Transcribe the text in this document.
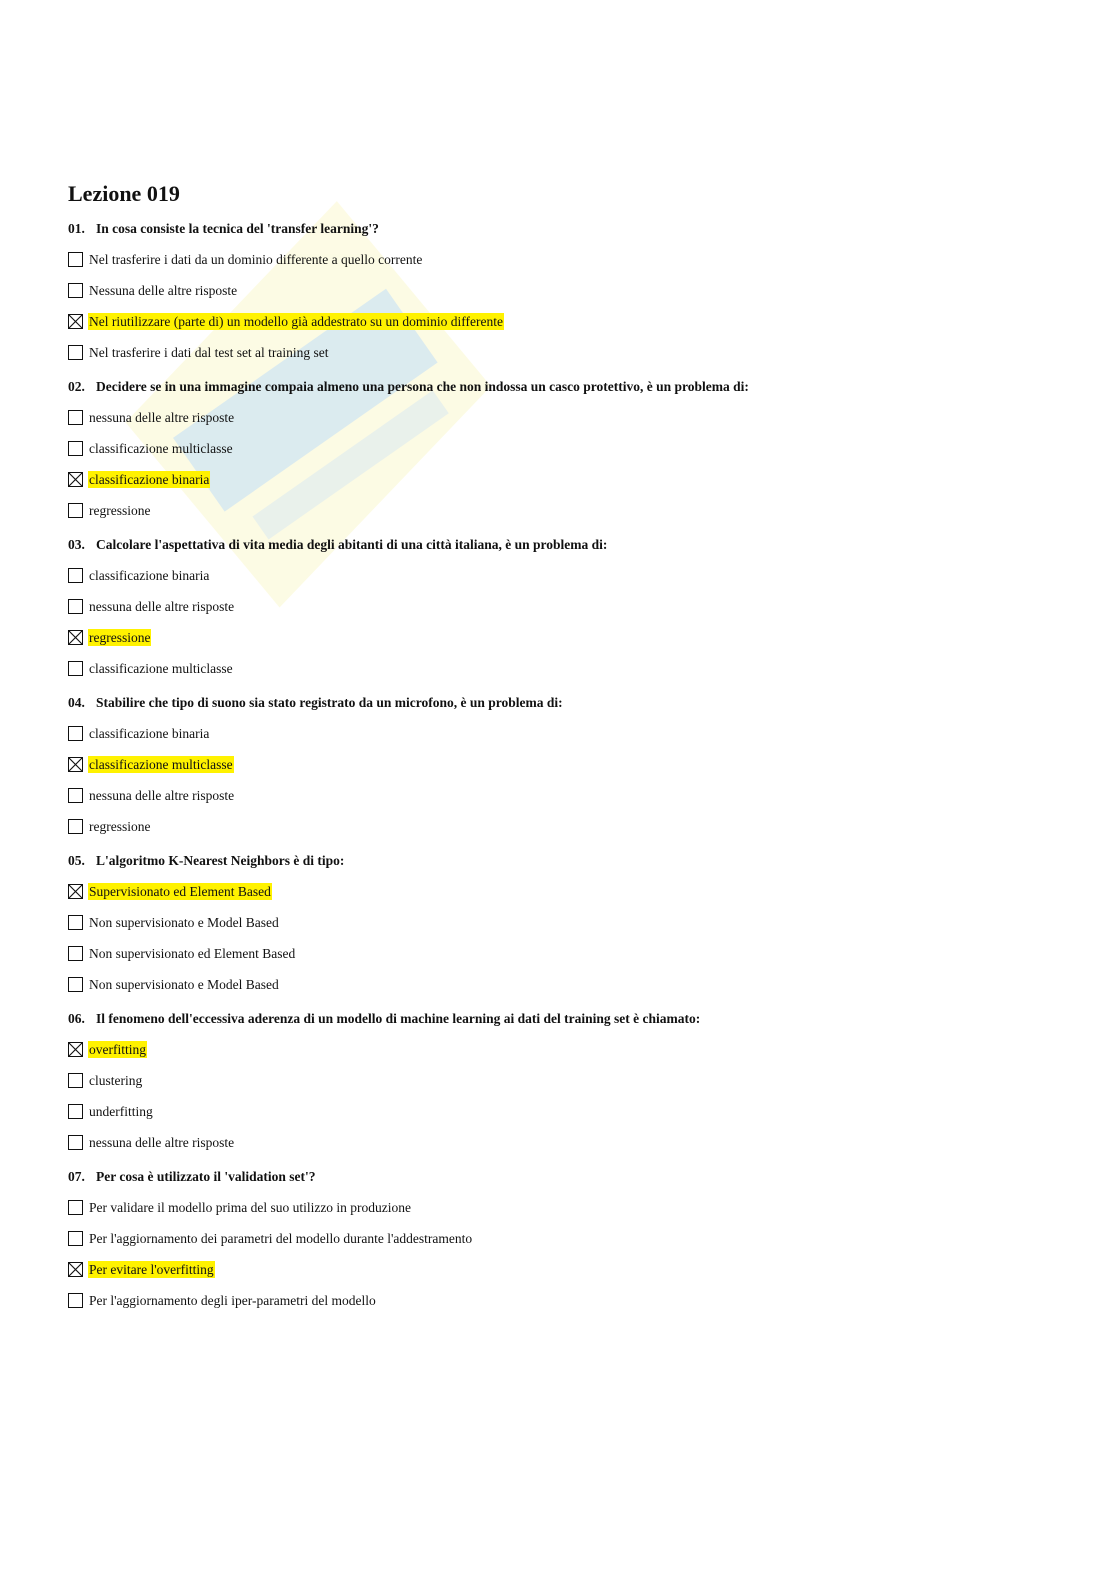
Lezione 019
01. In cosa consiste la tecnica del 'transfer learning'?
Nel trasferire i dati da un dominio differente a quello corrente
Nessuna delle altre risposte
Nel riutilizzare (parte di) un modello già addestrato su un dominio differente
Nel trasferire i dati dal test set al training set
02. Decidere se in una immagine compaia almeno una persona che non indossa un casco protettivo, è un problema di:
nessuna delle altre risposte
classificazione multiclasse
classificazione binaria
regressione
03. Calcolare l'aspettativa di vita media degli abitanti di una città italiana, è un problema di:
classificazione binaria
nessuna delle altre risposte
regressione
classificazione multiclasse
04. Stabilire che tipo di suono sia stato registrato da un microfono, è un problema di:
classificazione binaria
classificazione multiclasse
nessuna delle altre risposte
regressione
05. L'algoritmo K-Nearest Neighbors è di tipo:
Supervisionato ed Element Based
Non supervisionato e Model Based
Non supervisionato ed Element Based
Non supervisionato e Model Based
06. Il fenomeno dell'eccessiva aderenza di un modello di machine learning ai dati del training set è chiamato:
overfitting
clustering
underfitting
nessuna delle altre risposte
07. Per cosa è utilizzato il 'validation set'?
Per validare il modello prima del suo utilizzo in produzione
Per l'aggiornamento dei parametri del modello durante l'addestramento
Per evitare l'overfitting
Per l'aggiornamento degli iper-parametri del modello
